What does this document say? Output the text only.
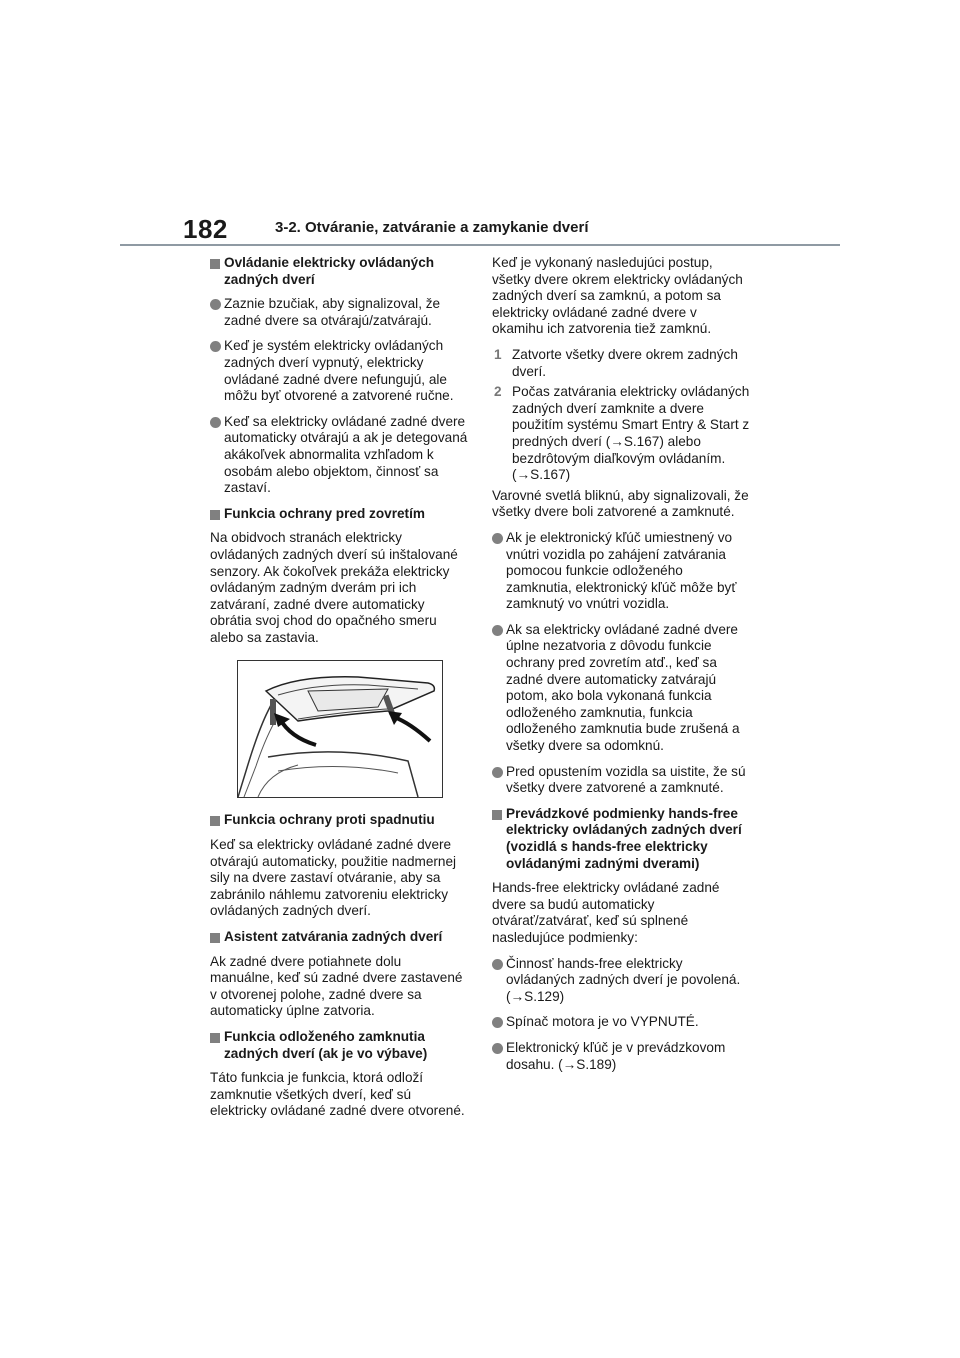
182	3-2. Otváranie, zatváranie a zamykanie dverí
Ovládanie elektricky ovládaných zadných dverí
Zaznie bzučiak, aby signalizoval, že zadné dvere sa otvárajú/zatvárajú.
Keď je systém elektricky ovládaných zadných dverí vypnutý, elektricky ovládané zadné dvere nefungujú, ale môžu byť otvorené a zatvorené ručne.
Keď sa elektricky ovládané zadné dvere automaticky otvárajú a ak je detegovaná akákoľvek abnormalita vzhľadom k osobám alebo objektom, činnosť sa zastaví.
Funkcia ochrany pred zovretím
Na obidvoch stranách elektricky ovládaných zadných dverí sú inštalované senzory. Ak čokoľvek prekáža elektricky ovládaným zadným dverám pri ich zatváraní, zadné dvere automaticky obrátia svoj chod do opačného smeru alebo sa zastavia.
Funkcia ochrany proti spadnutiu
Keď sa elektricky ovládané zadné dvere otvárajú automaticky, použitie nadmernej sily na dvere zastaví otváranie, aby sa zabránilo náhlemu zatvoreniu elektricky ovládaných zadných dverí.
Asistent zatvárania zadných dverí
Ak zadné dvere potiahnete dolu manuálne, keď sú zadné dvere zastavené v otvorenej polohe, zadné dvere sa automaticky úplne zatvoria.
Funkcia odloženého zamknutia zadných dverí (ak je vo výbave)
Táto funkcia je funkcia, ktorá odloží zamknutie všetkých dverí, keď sú elektricky ovládané zadné dvere otvorené.
Keď je vykonaný nasledujúci postup, všetky dvere okrem elektricky ovládaných zadných dverí sa zamknú, a potom sa elektricky ovládané zadné dvere v okamihu ich zatvorenia tiež zamknú.
1 Zatvorte všetky dvere okrem zadných dverí.
2 Počas zatvárania elektricky ovládaných zadných dverí zamknite a dvere použitím systému Smart Entry & Start z predných dverí (→S.167) alebo bezdrôtovým diaľkovým ovládaním. (→S.167)
Varovné svetlá bliknú, aby signalizovali, že všetky dvere boli zatvorené a zamknuté.
Ak je elektronický kľúč umiestnený vo vnútri vozidla po zahájení zatvárania pomocou funkcie odloženého zamknutia, elektronický kľúč môže byť zamknutý vo vnútri vozidla.
Ak sa elektricky ovládané zadné dvere úplne nezatvoria z dôvodu funkcie ochrany pred zovretím atď., keď sa zadné dvere automaticky zatvárajú potom, ako bola vykonaná funkcia odloženého zamknutia, funkcia odloženého zamknutia bude zrušená a všetky dvere sa odomknú.
Pred opustením vozidla sa uistite, že sú všetky dvere zatvorené a zamknuté.
Prevádzkové podmienky hands-free elektricky ovládaných zadných dverí (vozidlá s hands-free elektricky ovládanými zadnými dverami)
Hands-free elektricky ovládané zadné dvere sa budú automaticky otvárať/zatvárať, keď sú splnené nasledujúce podmienky:
Činnosť hands-free elektricky ovládaných zadných dverí je povolená. (→S.129)
Spínač motora je vo VYPNUTÉ.
Elektronický kľúč je v prevádzkovom dosahu. (→S.189)
